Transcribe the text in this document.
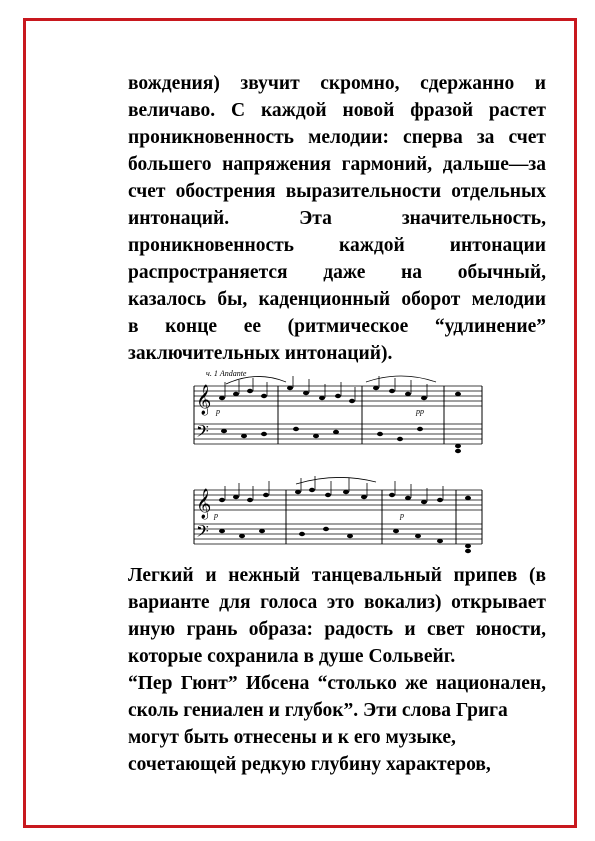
вождения) звучит скромно, сдержанно и
величаво. С каждой новой фразой растет
проникновенность мелодии: сперва за счет
большего напряжения гармоний, дальше—за
счет обострения выразительности отдельных
интонаций. Эта значительность,
проникновенность каждой интонации
распространяется даже на обычный,
казалось бы, каденционный оборот мелодии
в конце ее (ритмическое “удлинение”
заключительных интонаций).
ч. 1 Andante
𝄞
𝄢
p	pp
𝄞
𝄢
p	p
Легкий и нежный танцевальный припев (в
варианте для голоса это вокализ) открывает
иную грань образа: радость и свет юности,
которые сохранила в душе Сольвейг.
“Пер Гюнт” Ибсена “столько же национален,
сколь гениален и глубок”. Эти слова Грига
могут быть отнесены и к его музыке,
сочетающей редкую глубину характеров,
